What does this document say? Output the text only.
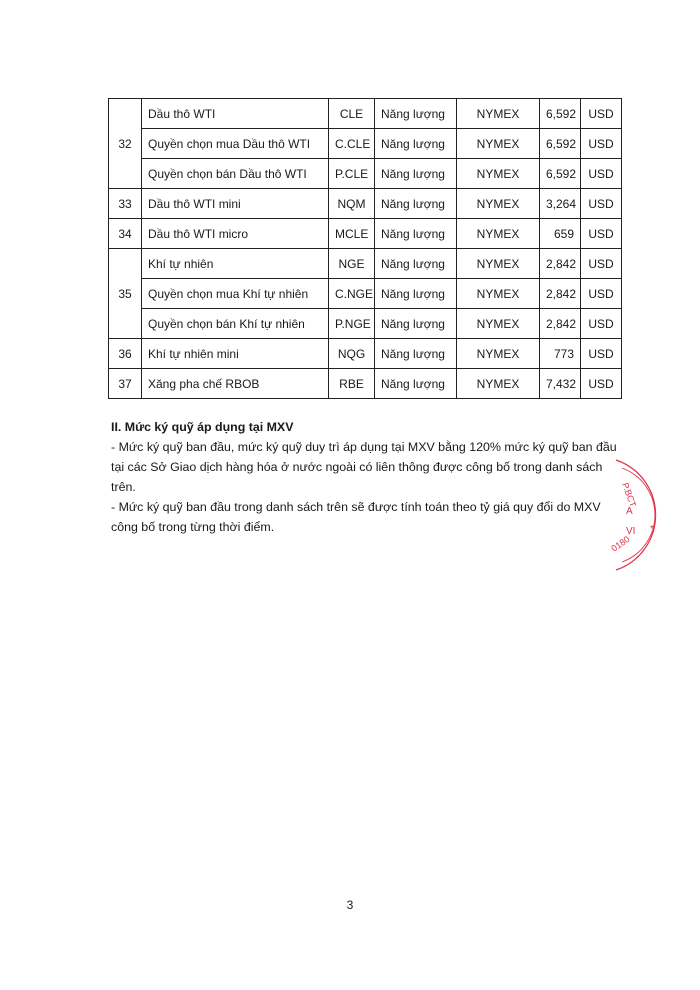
32	Dầu thô WTI	CLE	Năng lượng	NYMEX	6,592	USD
	Quyền chọn mua Dầu thô WTI	C.CLE	Năng lượng	NYMEX	6,592	USD
	Quyền chọn bán Dầu thô WTI	P.CLE	Năng lượng	NYMEX	6,592	USD
33	Dầu thô WTI mini	NQM	Năng lượng	NYMEX	3,264	USD
34	Dầu thô WTI micro	MCLE	Năng lượng	NYMEX	659	USD
35	Khí tự nhiên	NGE	Năng lượng	NYMEX	2,842	USD
	Quyền chọn mua Khí tự nhiên	C.NGE	Năng lượng	NYMEX	2,842	USD
	Quyền chọn bán Khí tự nhiên	P.NGE	Năng lượng	NYMEX	2,842	USD
36	Khí tự nhiên mini	NQG	Năng lượng	NYMEX	773	USD
37	Xăng pha chế RBOB	RBE	Năng lượng	NYMEX	7,432	USD
II. Mức ký quỹ áp dụng tại MXV
- Mức ký quỹ ban đầu, mức ký quỹ duy trì áp dụng tại MXV bằng 120% mức ký quỹ ban đầu tại các Sở Giao dịch hàng hóa ở nước ngoài có liên thông được công bố trong danh sách trên.
- Mức ký quỹ ban đầu trong danh sách trên sẽ được tính toán theo tỷ giá quy đổi do MXV công bố trong từng thời điểm.
P.BCT
A
VI *
0180
3
